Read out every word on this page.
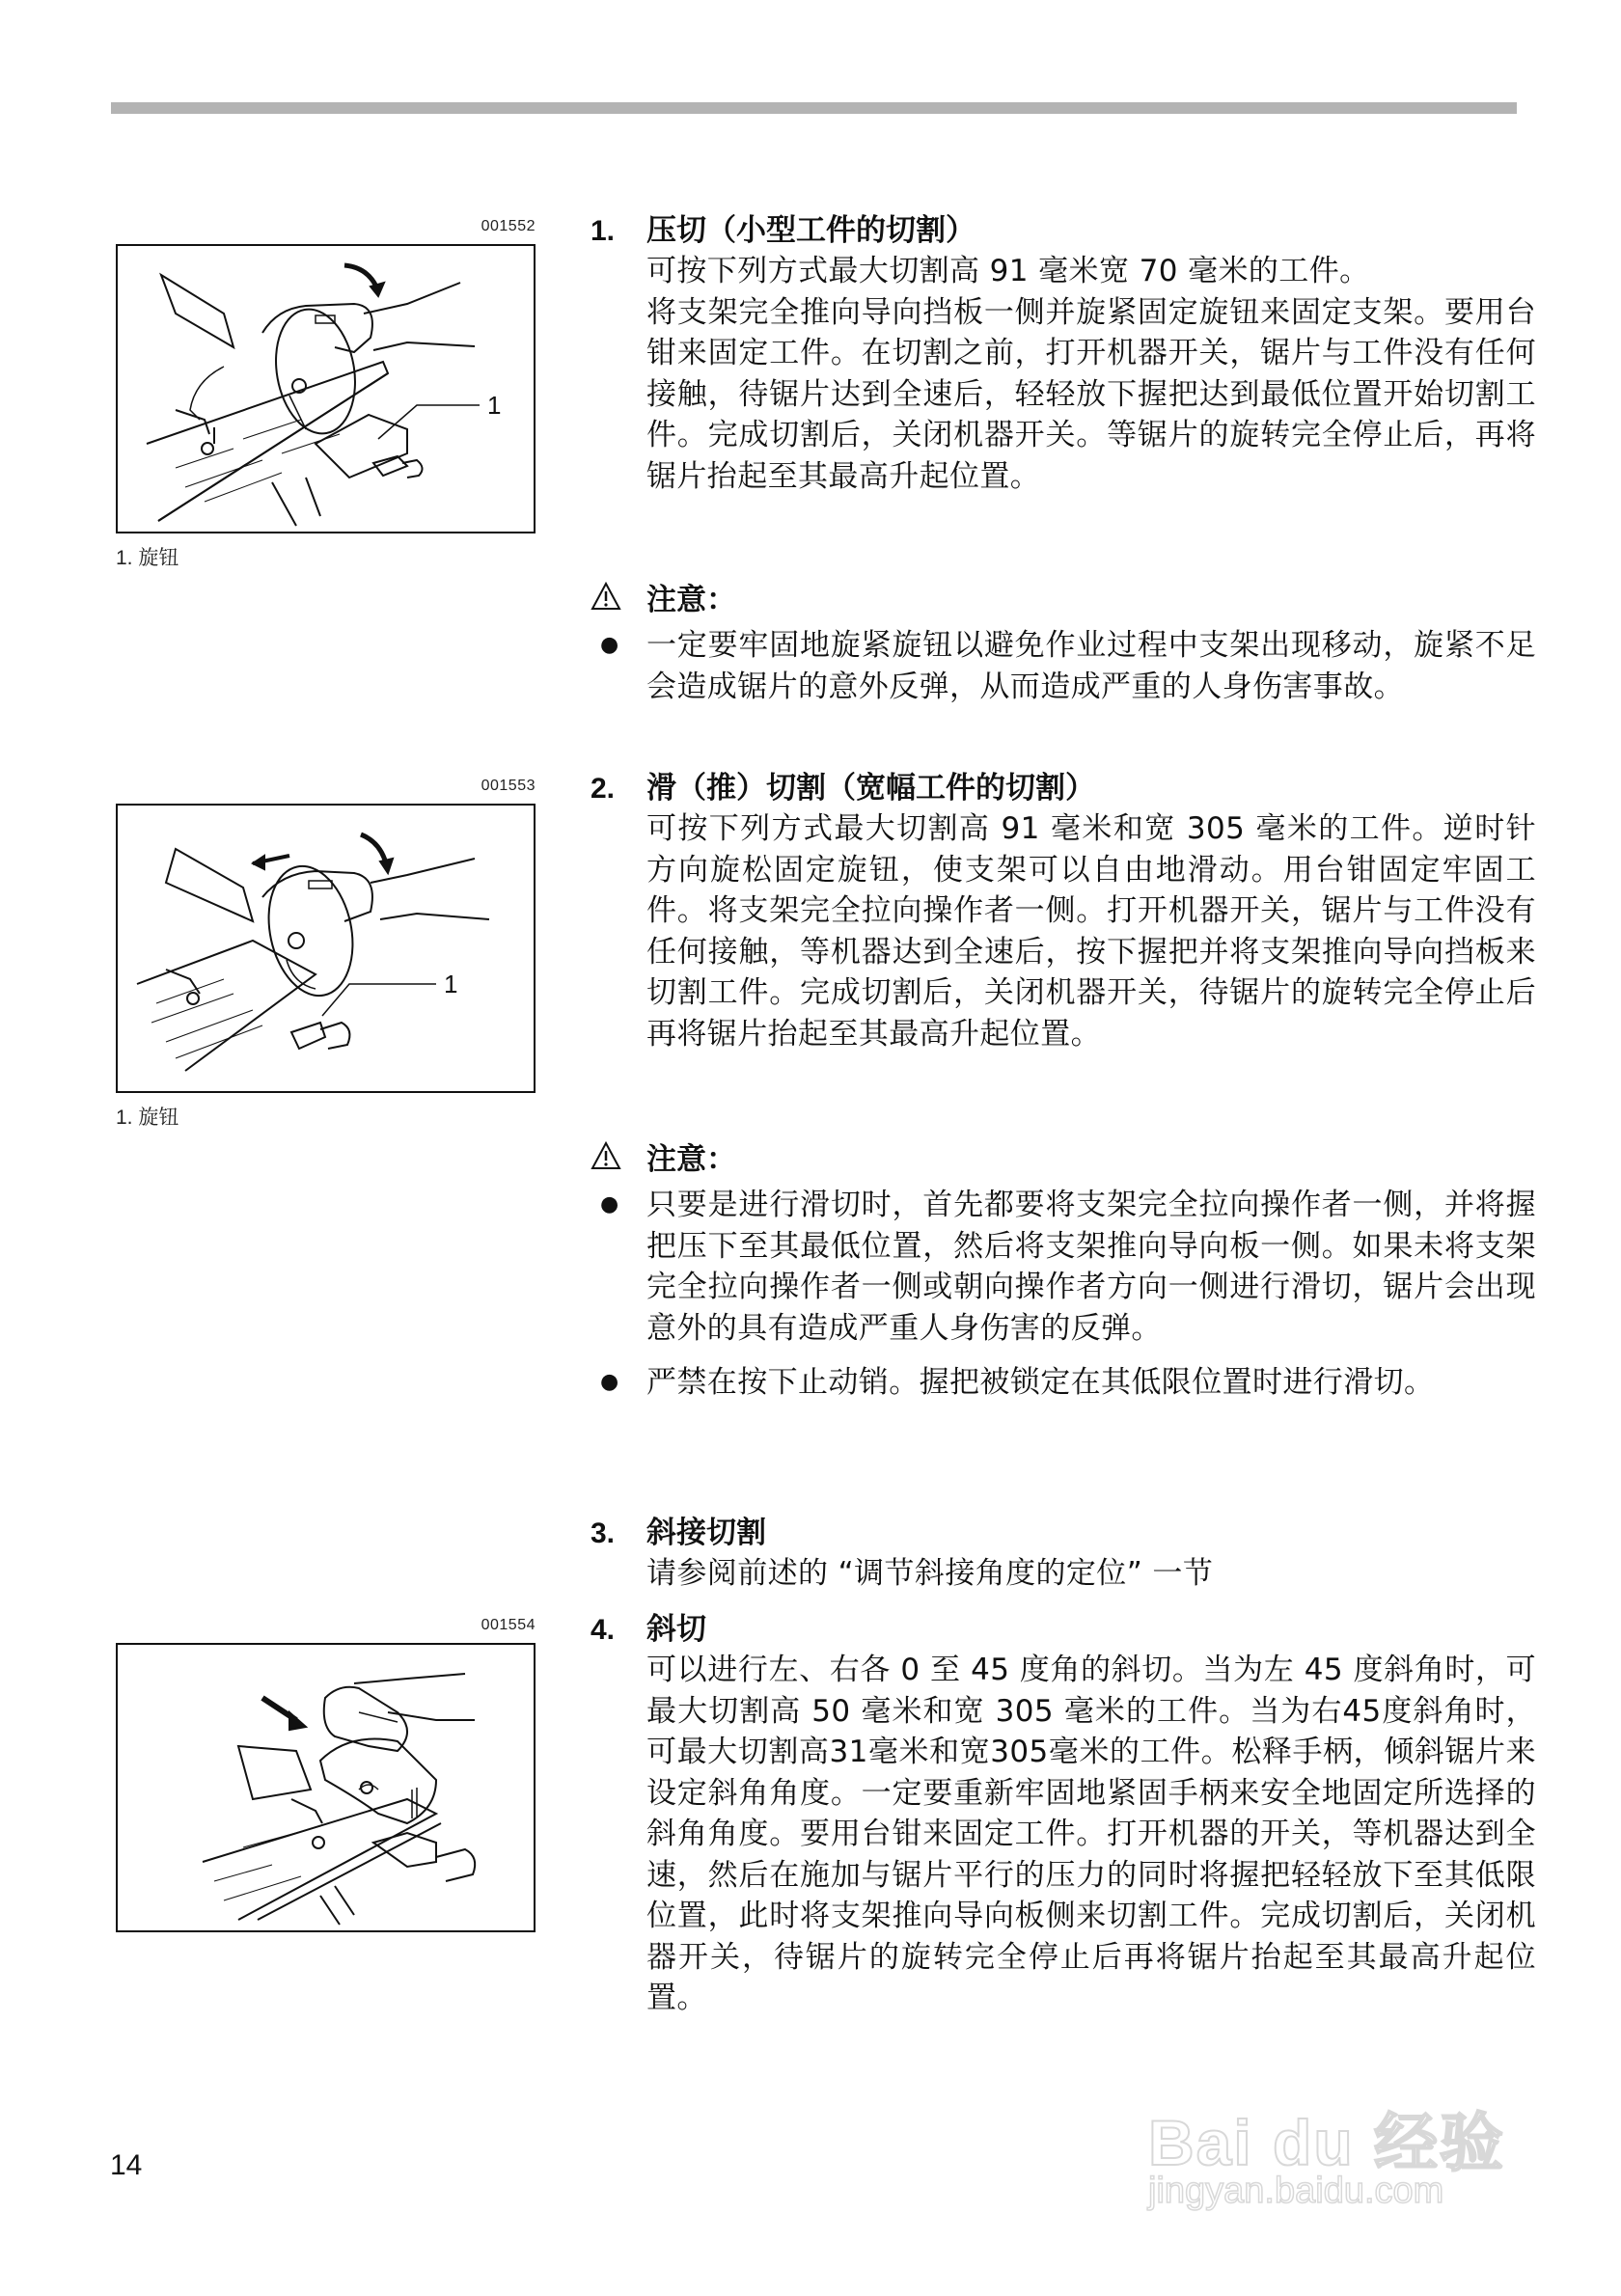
001552
1
1. 旋钮
001553
1
1. 旋钮
001554
1.	压切（小型工件的切割）
可按下列方式最大切割高 91 毫米宽 70 毫米的工件。
将支架完全推向导向挡板一侧并旋紧固定旋钮来固定支架。要用台钳来固定工件。在切割之前，打开机器开关，锯片与工件没有任何接触，待锯片达到全速后，轻轻放下握把达到最低位置开始切割工件。完成切割后，关闭机器开关。等锯片的旋转完全停止后，再将锯片抬起至其最高升起位置。
注意：
● 一定要牢固地旋紧旋钮以避免作业过程中支架出现移动，旋紧不足会造成锯片的意外反弹，从而造成严重的人身伤害事故。
2.	滑（推）切割（宽幅工件的切割）
可按下列方式最大切割高 91 毫米和宽 305 毫米的工件。逆时针方向旋松固定旋钮，使支架可以自由地滑动。用台钳固定牢固工件。将支架完全拉向操作者一侧。打开机器开关，锯片与工件没有任何接触，等机器达到全速后，按下握把并将支架推向导向挡板来切割工件。完成切割后，关闭机器开关，待锯片的旋转完全停止后再将锯片抬起至其最高升起位置。
注意：
● 只要是进行滑切时，首先都要将支架完全拉向操作者一侧，并将握把压下至其最低位置，然后将支架推向导向板一侧。如果未将支架完全拉向操作者一侧或朝向操作者方向一侧进行滑切，锯片会出现意外的具有造成严重人身伤害的反弹。
● 严禁在按下止动销。握把被锁定在其低限位置时进行滑切。
3.	斜接切割
请参阅前述的 “调节斜接角度的定位” 一节
4.	斜切
可以进行左、右各 0 至 45 度角的斜切。当为左 45 度斜角时，可最大切割高 50 毫米和宽 305 毫米的工件。当为右45度斜角时，可最大切割高31毫米和宽305毫米的工件。松释手柄，倾斜锯片来设定斜角角度。一定要重新牢固地紧固手柄来安全地固定所选择的斜角角度。要用台钳来固定工件。打开机器的开关，等机器达到全速，然后在施加与锯片平行的压力的同时将握把轻轻放下至其低限位置，此时将支架推向导向板侧来切割工件。完成切割后，关闭机器开关，待锯片的旋转完全停止后再将锯片抬起至其最高升起位置。
14	Bai du 经验
jingyan.baidu.com
